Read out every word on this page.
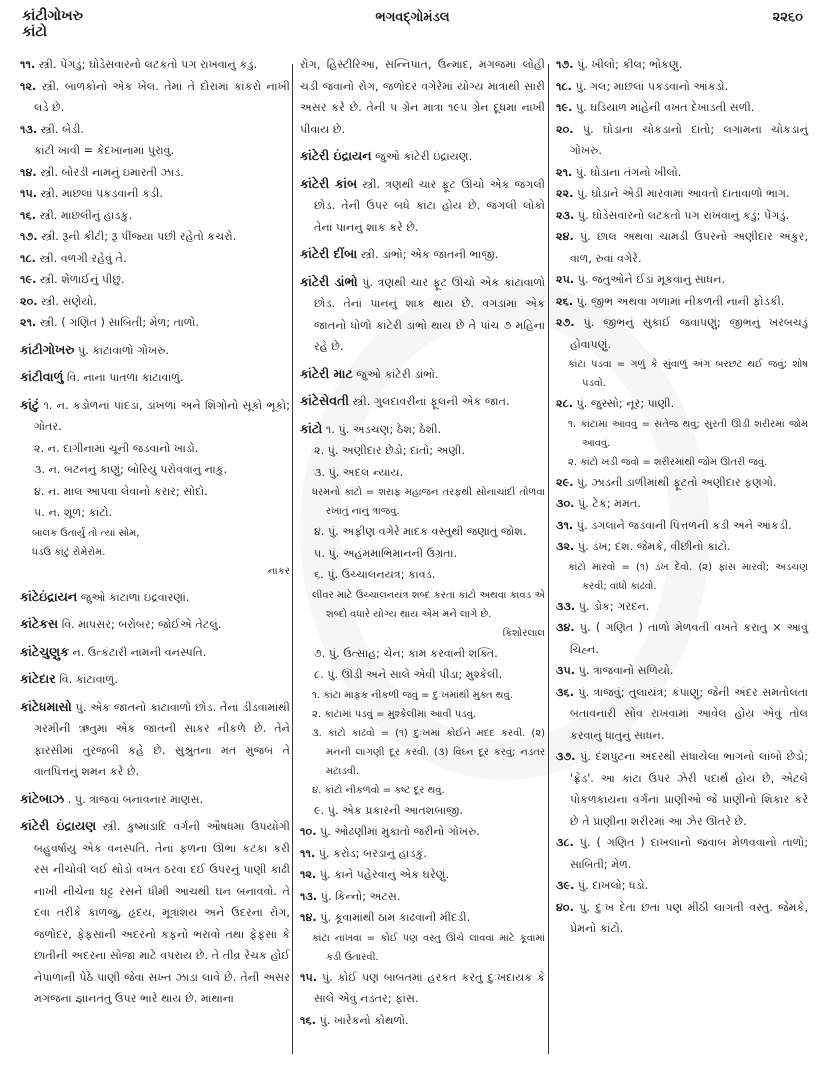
કાંટીગોખરુ
કાંટો
ભગવદ્ગોમંડલ	૨૨૬૦

૧૧. સ્ત્રી. પેંગડું; ઘોડેસવારનો લટકતો પગ રાખવાનું કડું.

૧૨. સ્ત્રી. બાળકોનો એક ખેલ. તેમાં તે દોરામાં કાંકરો નાખી લડે છે.

૧૩. સ્ત્રી. બેડી.

કાંટી ખાવી = કેદખાનામાં પુરાવું.

૧૪. સ્ત્રી. બોરડી નામનું ઇમારતી ઝાડ.

૧૫. સ્ત્રી. માછલાં પકડવાની કડી.

૧૬. સ્ત્રી. માછલીનું હાડકું.

૧૭. સ્ત્રી. રૂની કીટી; રૂ પીંજ્યા પછી રહેતો કચરો.

૧૮. સ્ત્રી. વળગી રહેવું તે.

૧૯. સ્ત્રી. શેળાઈનું પીછું.

૨૦. સ્ત્રી. સણેયો.

૨૧. સ્ત્રી. ( ગણિત ) સાબિતી; મેળ; તાળો.

કાંટીગોખરુ પું. કાંટાવાળો ગોખરુ.

કાંટીવાળું વિ. નાના પાતળા કાંટાવાળું.

કાંટું ૧. ન. કડોળનાં પાંદડાં, ડાંખળાં અને શિંગોનો સૂકો ભૂકો; ગોતર.

૨. ન. દાગીનામાં ચૂની જડવાનો ખાડો.

૩. ન. બટનનું કાણું; બોરિયું પરોવવાનું નાકું.

૪. ન. માલ આપવા લેવાનો કરાર; સોદો.

૫. ન. શૂળ; કાંટો.

બાલક ઉતાર્યું તો ત્યાં સોમ,

ધડઉ કાંટું રોમેરોમ.
નાકર

કાંટેઇંદ્રાયન જુઓ કાંટાળાં ઇંદ્રવારણાં.

કાંટેકસ વિ. માપસર; બરોબર; જોઈએ તેટલું.

કાંટેચુણુક ન. ઉત્કંટારી નામની વનસ્પતિ.

કાંટેદાર વિ. કાંટાવાળું.

કાંટેધમાસો પું. એક જાતનો કાંટાવાળો છોડ. તેનાં ડીંડવામાંથી ગરમીની ઋતુમાં એક જાતની સાકર નીકળે છે. તેને ફારસીમાં તુરંજબી કહે છે. સુશ્રુતના મત મુજબ તે વાતપિત્તનું શમન કરે છે.

કાંટેબાઝ . પું. ત્રાજવાં બનાવનાર માણસ.

કાંટેરી ઇંદ્રાયણ સ્ત્રી. કુષ્માંડાદિ વર્ગની ઔષધમાં ઉપયોગી બહુવર્ષાયુ એક વનસ્પતિ. તેનાં ફળના ઊભા કટકા કરી રસ નીચોવી લઈ થોડો વખત ઠરવા દઈ ઉપરનું પાણી કાઢી નાખી નીચેના ઘટ્ટ રસને ધીમી આંચથી ઘન બનાવવો. તે દવા તરીકે કાળજું, હૃદય, મૂત્રાશય અને ઉદરના રોગ, જળોદર, ફેફસાંની અંદરનો કફનો ભરાવો તથા ફેફસાં કે છાતીની અંદરના સોજા માટે વપરાય છે. તે તીવ્ર રેચક હોઈ નેપાળાની પેઠે પાણી જેવા સખ્ત ઝાડા લાવે છે. તેની અસર મગજના જ્ઞાનતંતુ ઉપર ભારે થાય છે. માથાના

રોગ, હિસ્ટીરિઆ, સન્નિપાત, ઉન્માદ, મગજમાં લોહી ચડી જવાનો રોગ, જળોદર વગેરેમાં યોગ્ય માત્રાથી સારી અસર કરે છે. તેની ૫ ગ્રેન માત્રા ૧૯૫ ગ્રેન દૂધમાં નાખી પીવાય છે.

કાંટેરી ઇંદ્રાયન જુઓ કાંટેરી ઇંદ્રાયણ.

કાંટેરી કાંબ સ્ત્રી. ત્રણથી ચાર ફૂટ ઊંચો એક જંગલી છોડ. તેની ઉપર બધે કાંટા હોય છે. જંગલી લોકો તેનાં પાનનું શાક કરે છે.

કાંટેરી દીંબા સ્ત્રી. ડાંભો; એક જાતની ભાજી.

કાંટેરી ડાંભો પું. ત્રણથી ચાર ફૂટ ઊંચો એક કાંટાવાળો છોડ. તેનાં પાનનું શાક થાય છે. વગડામાં એક જાતનો ધોળો કાંટેરી ડાંભો થાય છે તે પાંચ ૭ મહિના રહે છે.

કાંટેરી માટ જુઓ કાંટેરી ડાંભો.

કાંટેસેવતી સ્ત્રી. ગુલદાવરીનાં ફૂલની એક જાત.

કાંટો ૧. પું. અડચણ; ઠેશ; ઠેશી.

૨. પું. અણીદાર છેડો; દાંતો; અણી.

૩. પું. અદલ ન્યાય.

ધરમનો કાંટો = શરાફ મહાજન તરફથી સોનાચાંદી તોળવા રખાતું નાનું ત્રાજવું.

૪. પું. અફીણ વગેરે માદક વસ્તુથી જણાતું જોશ.

૫. પું. અહંમમાભિમાનની ઉગ્રતા.

૬. પું. ઉચ્ચાલનયંત્ર; કાવડ.

લીવર માટે ઉચ્ચાલનયંત્ર શબ્દ કરતાં કાંટો અથવા કાવડ એ શબ્દો વધારે યોગ્ય થાય એમ મને લાગે છે.
કિશોરલાલ

૭. પું. ઉત્સાહ; ચેન; કામ કરવાની શક્તિ.

૮. પું. ઊંડી અને સાલે એવી પીડા; મુશ્કેલી.

૧. કાંટા માફક નીકળી જવું = દુઃખમાંથી મુક્ત થવું.

૨. કાંટામાં પડવું = મુશ્કેલીમાં આવી પડવું.

૩. કાંટો કાઢવો = (૧) દુઃખમાં કોઈને મદદ કરવી. (૨) મનની લાગણી દૂર કરવી. (૩) વિઘ્ન દૂર કરવું; નડતર મટાડવી.

૪. કાંટો નીકળવો = કષ્ટ દૂર થવું.

૯. પું. એક પ્રકારની આતશબાજી.

૧૦. પું. ઓઢણીમાં મુકાતો જરીનો ગોખરુ.

૧૧. પું. કરોડ; બરડાનું હાડકું.

૧૨. પું. કાને પહેરવાનું એક ઘરેણું.

૧૩. પું. કિન્નો; અંટસ.

૧૪. પું. કૂવામાંથી ઠામ કાઢવાની મીંદડી.

કાંટા નાખવા = કોઈ પણ વસ્તુ ઊંચે લાવવા માટે કૂવામાં કડી ઉતારવી.

૧૫. પું. કોઈ પણ બાબતમાં હરકત કરતું દુઃખદાયક કે સાલે એવું નડતર; ફાંસ.

૧૬. પું. ખારેકનો કોથળો.

૧૭. પું. ખીલો; કીલ; ભોંકણુ.

૧૮. પું. ગલ; માછલાં પકડવાનો આંકડો.

૧૯. પું. ઘડિયાળ માંહેની વખત દેખાડતી સળી.

૨૦. પું. ઘોડાના ચોકડાનો દાંતો; લગામના ચોકડાનું ગોખરુ.

૨૧. પું. ઘોડાના તંગનો ખીલો.

૨૨. પું. ઘોડાને એડી મારવામાં આવતો દાંતાવાળો ભાગ.

૨૩. પું. ઘોડેસવારનો લટકતો પગ રાખવાનું કડું; પેંગડું.

૨૪. પું. છાલ અથવા ચામડી ઉપરનો અણીદાર અંકુર, વાળ, રુવાં વગેરે.

૨૫. પું. જંતુઓને ઈંડાં મૂકવાનું સાધન.

૨૬. પું. જીભ અથવા ગળામાં નીકળતી નાની ફોડકી.

૨૭. પું. જીભનું સુકાઈ જવાપણું; જીભનું ખરબચડું હોવાપણું.

કાંટા પડવા = ગળું કે સુંવાળું અંગ બરછટ થઈ જવું; શોષ પડવો.

૨૮. પું. જુસ્સો; નૂર; પાણી.

૧. કાંટામાં આવવું = સતેજ થવું; સુરતી ઊડી શરીરમાં જોમ આવવું.

૨. કાંટો ખડી જવો = શરીરમાંથી જોમ ઊતરી જવું.

૨૯. પું. ઝાડની ડાળીમાંથી ફૂટતો અણીદાર ફણગો.

૩૦. પું. ટેક; મમત.

૩૧. પું. ડગલાને જડવાની પિત્તળની કડી અને આંકડી.

૩૨. પું. ડંખ; દંશ. જેમકે, વીંછીનો કાંટો.

કાંટો મારવો = (૧) ડંખ દેવો. (૨) ફાંસ મારવી; અડચણ કરવી; વાંધો કાઢવો.

૩૩. પું. ડોક; ગરદન.

૩૪. પું. ( ગણિત ) તાળો મેળવતી વખતે કરાતું × આવું ચિહ્ન.

૩૫. પું. ત્રાજવાનો સળિયો.

૩૬. પું. ત્રાજવું; તુલાયંત્ર; કંપાણુ; જેની અંદર સમતોલતા બતાવનારી સોવ રાખવામાં આવેલ હોય એવું તોલ કરવાનું ધાતુનું સાધન.

૩૭. પું. દંશપુટના અંદરથી સંધાયેલા ભાગનો લાંબો છેડો; 'ફ્રેડ'. આ કાંટા ઉપર ઝેરી પદાર્થ હોય છે, એટલે પોકળકાયના વર્ગનાં પ્રાણીઓ જે પ્રાણીનો શિકાર કરે છે તે પ્રાણીના શરીરમાં આ ઝેર ઊતરે છે.

૩૮. પું. ( ગણિત ) દાખલાનો જવાબ મેળવવાનો તાળો; સાબિતી; મેળ.

૩૯. પું. દાખલો; ધડો.

૪૦. પું. દુઃખ દેતા છતાં પણ મીઠી લાગતી વસ્તુ. જેમકે, પ્રેમનો કાંટો.
